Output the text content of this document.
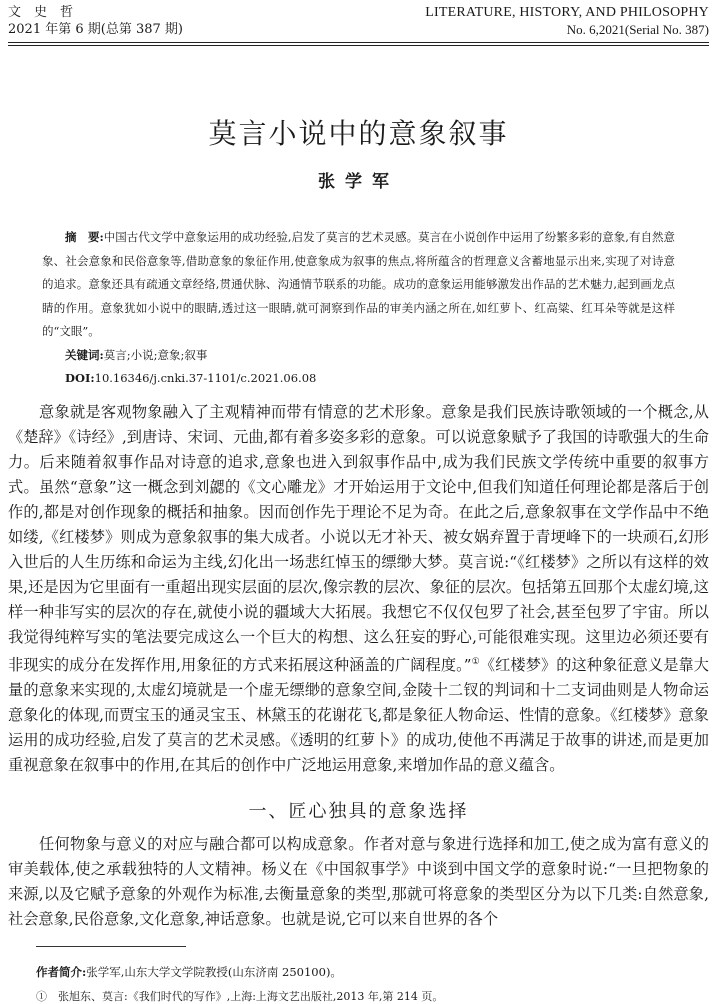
文　史　哲
2021 年第 6 期(总第 387 期)
LITERATURE, HISTORY, AND PHILOSOPHY
No. 6,2021(Serial No. 387)
莫言小说中的意象叙事
张学军
摘　要:中国古代文学中意象运用的成功经验,启发了莫言的艺术灵感。莫言在小说创作中运用了纷繁多彩的意象,有自然意象、社会意象和民俗意象等,借助意象的象征作用,使意象成为叙事的焦点,将所蕴含的哲理意义含蓄地显示出来,实现了对诗意的追求。意象还具有疏通文章经络,贯通伏脉、沟通情节联系的功能。成功的意象运用能够激发出作品的艺术魅力,起到画龙点睛的作用。意象犹如小说中的眼睛,透过这一眼睛,就可洞察到作品的审美内涵之所在,如红萝卜、红高粱、红耳朵等就是这样的“文眼”。
关键词:莫言;小说;意象;叙事
DOI:10.16346/j.cnki.37-1101/c.2021.06.08

意象就是客观物象融入了主观精神而带有情意的艺术形象。意象是我们民族诗歌领域的一个概念,从《楚辞》《诗经》,到唐诗、宋词、元曲,都有着多姿多彩的意象。可以说意象赋予了我国的诗歌强大的生命力。后来随着叙事作品对诗意的追求,意象也进入到叙事作品中,成为我们民族文学传统中重要的叙事方式。虽然“意象”这一概念到刘勰的《文心雕龙》才开始运用于文论中,但我们知道任何理论都是落后于创作的,都是对创作现象的概括和抽象。因而创作先于理论不足为奇。在此之后,意象叙事在文学作品中不绝如缕,《红楼梦》则成为意象叙事的集大成者。小说以无才补天、被女娲弃置于青埂峰下的一块顽石,幻形入世后的人生历练和命运为主线,幻化出一场悲红悼玉的缥缈大梦。莫言说:“《红楼梦》之所以有这样的效果,还是因为它里面有一重超出现实层面的层次,像宗教的层次、象征的层次。包括第五回那个太虚幻境,这样一种非写实的层次的存在,就使小说的疆域大大拓展。我想它不仅仅包罗了社会,甚至包罗了宇宙。所以我觉得纯粹写实的笔法要完成这么一个巨大的构想、这么狂妄的野心,可能很难实现。这里边必须还要有非现实的成分在发挥作用,用象征的方式来拓展这种涵盖的广阔程度。”①《红楼梦》的这种象征意义是靠大量的意象来实现的,太虚幻境就是一个虚无缥缈的意象空间,金陵十二钗的判词和十二支词曲则是人物命运意象化的体现,而贾宝玉的通灵宝玉、林黛玉的花谢花飞,都是象征人物命运、性情的意象。《红楼梦》意象运用的成功经验,启发了莫言的艺术灵感。《透明的红萝卜》的成功,使他不再满足于故事的讲述,而是更加重视意象在叙事中的作用,在其后的创作中广泛地运用意象,来增加作品的意义蕴含。

一、匠心独具的意象选择

任何物象与意义的对应与融合都可以构成意象。作者对意与象进行选择和加工,使之成为富有意义的审美载体,使之承载独特的人文精神。杨义在《中国叙事学》中谈到中国文学的意象时说:“一旦把物象的来源,以及它赋予意象的外观作为标准,去衡量意象的类型,那就可将意象的类型区分为以下几类:自然意象,社会意象,民俗意象,文化意象,神话意象。也就是说,它可以来自世界的各个

作者简介:张学军,山东大学文学院教授(山东济南 250100)。
①　张旭东、莫言:《我们时代的写作》,上海:上海文艺出版社,2013 年,第 214 页。
